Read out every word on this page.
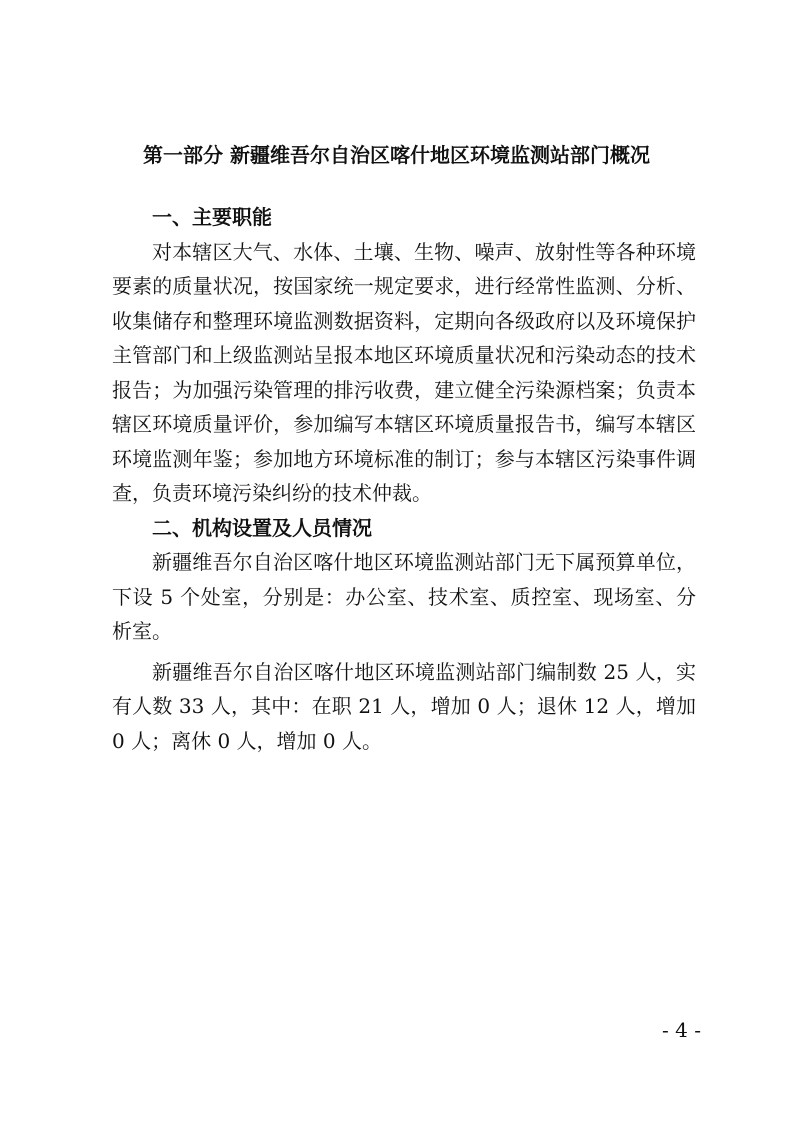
第一部分 新疆维吾尔自治区喀什地区环境监测站部门概况

一、主要职能

对本辖区大气、水体、土壤、生物、噪声、放射性等各种环境要素的质量状况，按国家统一规定要求，进行经常性监测、分析、收集储存和整理环境监测数据资料，定期向各级政府以及环境保护主管部门和上级监测站呈报本地区环境质量状况和污染动态的技术报告；为加强污染管理的排污收费，建立健全污染源档案；负责本辖区环境质量评价，参加编写本辖区环境质量报告书，编写本辖区环境监测年鉴；参加地方环境标准的制订；参与本辖区污染事件调查，负责环境污染纠纷的技术仲裁。

二、机构设置及人员情况

新疆维吾尔自治区喀什地区环境监测站部门无下属预算单位，下设 5 个处室，分别是：办公室、技术室、质控室、现场室、分析室。

新疆维吾尔自治区喀什地区环境监测站部门编制数 25 人，实有人数 33 人，其中：在职 21 人，增加 0 人；退休 12 人，增加 0 人；离休 0 人，增加 0 人。

- 4 -
